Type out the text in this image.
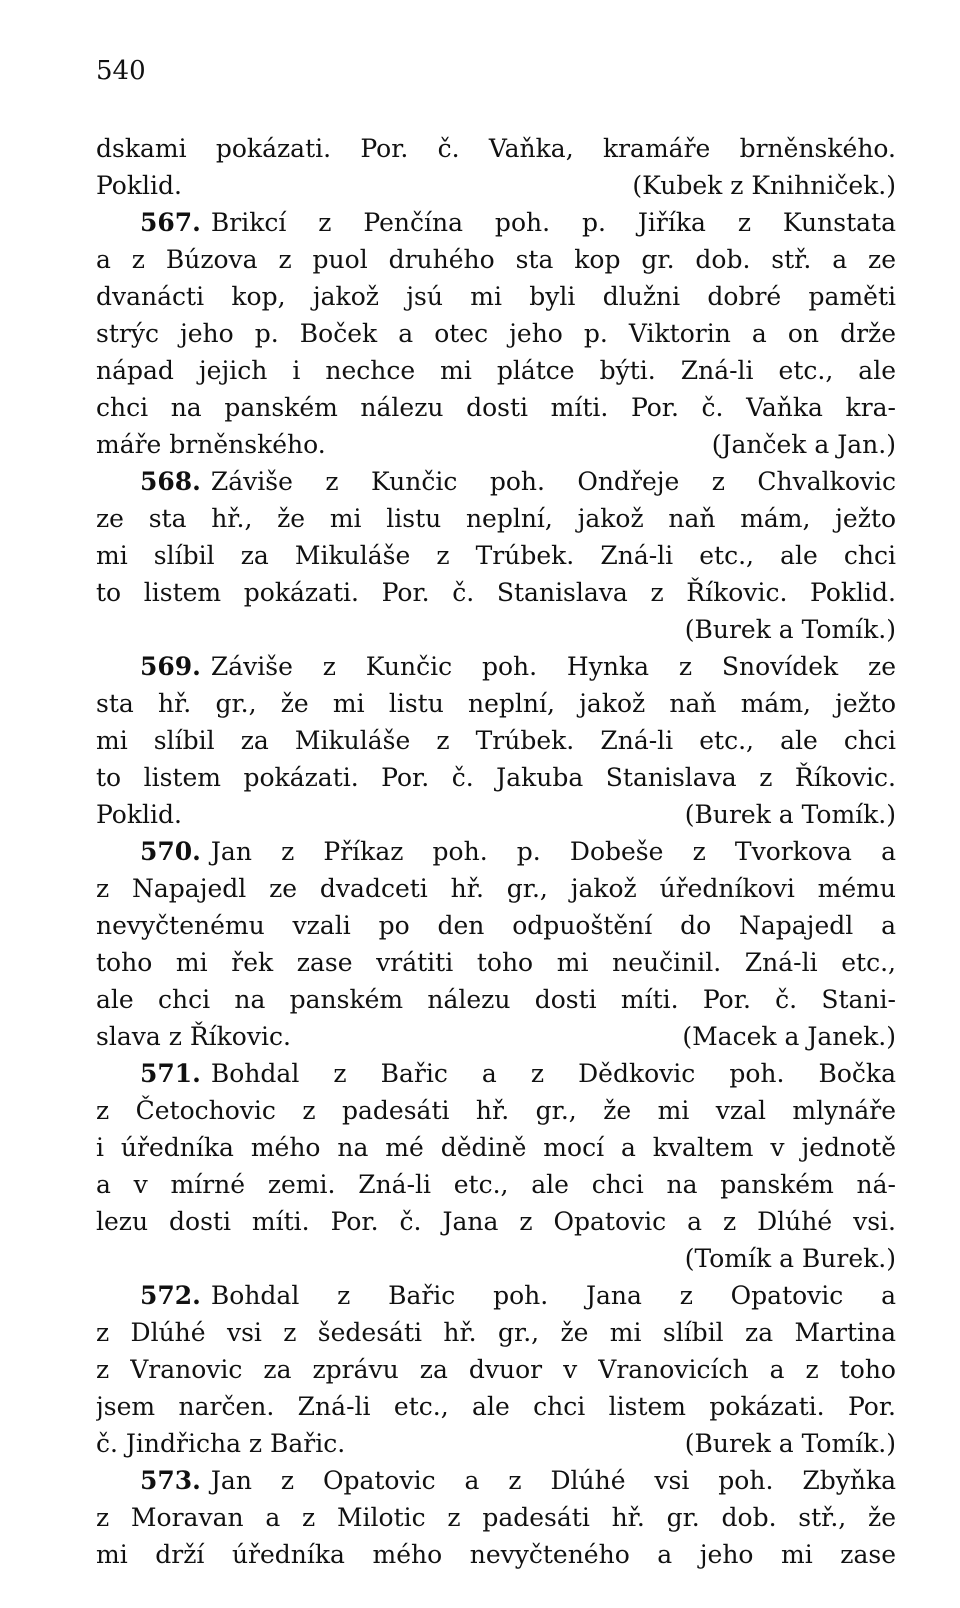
540
dskami pokázati. Por. č. Vaňka, kramáře brněnského.
Poklid.	(Kubek z Knihniček.)
567. Brikcí z Penčína poh. p. Jiříka z Kunstata
a z Búzova z puol druhého sta kop gr. dob. stř. a ze
dvanácti kop, jakož jsú mi byli dlužni dobré paměti
strýc jeho p. Boček a otec jeho p. Viktorin a on drže
nápad jejich i nechce mi plátce býti. Zná-li etc., ale
chci na panském nálezu dosti míti. Por. č. Vaňka kra-
máře brněnského.	(Janček a Jan.)
568. Záviše z Kunčic poh. Ondřeje z Chvalkovic
ze sta hř., že mi listu neplní, jakož naň mám, ježto
mi slíbil za Mikuláše z Trúbek. Zná-li etc., ale chci
to listem pokázati. Por. č. Stanislava z Říkovic. Poklid.
(Burek a Tomík.)
569. Záviše z Kunčic poh. Hynka z Snovídek ze
sta hř. gr., že mi listu neplní, jakož naň mám, ježto
mi slíbil za Mikuláše z Trúbek. Zná-li etc., ale chci
to listem pokázati. Por. č. Jakuba Stanislava z Říkovic.
Poklid.	(Burek a Tomík.)
570. Jan z Příkaz poh. p. Dobeše z Tvorkova a
z Napajedl ze dvadceti hř. gr., jakož úředníkovi mému
nevyčtenému vzali po den odpuoštění do Napajedl a
toho mi řek zase vrátiti toho mi neučinil. Zná-li etc.,
ale chci na panském nálezu dosti míti. Por. č. Stani-
slava z Říkovic.	(Macek a Janek.)
571. Bohdal z Bařic a z Dědkovic poh. Bočka
z Četochovic z padesáti hř. gr., že mi vzal mlynáře
i úředníka mého na mé dědině mocí a kvaltem v jednotě
a v mírné zemi. Zná-li etc., ale chci na panském ná-
lezu dosti míti. Por. č. Jana z Opatovic a z Dlúhé vsi.
(Tomík a Burek.)
572. Bohdal z Bařic poh. Jana z Opatovic a
z Dlúhé vsi z šedesáti hř. gr., že mi slíbil za Martina
z Vranovic za zprávu za dvuor v Vranovicích a z toho
jsem narčen. Zná-li etc., ale chci listem pokázati. Por.
č. Jindřicha z Bařic.	(Burek a Tomík.)
573. Jan z Opatovic a z Dlúhé vsi poh. Zbyňka
z Moravan a z Milotic z padesáti hř. gr. dob. stř., že
mi drží úředníka mého nevyčteného a jeho mi zase
